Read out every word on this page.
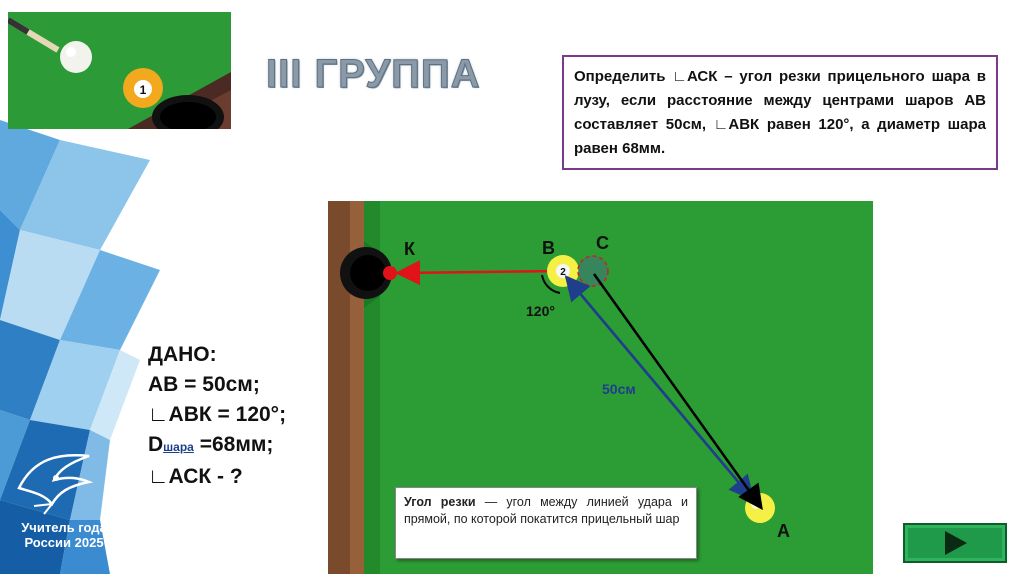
Учитель года
России 2025
1	III ГРУППА	Определить ∟АСК – угол резки прицельного шара в лузу, если расстояние между центрами шаров АВ составляет 50см, ∟АВК равен 120°, а диаметр шара равен 68мм.
2
К	В С
А
120°
50см
ДАНО:
АВ = 50см;
∟АВК = 120°;
Dшара =68мм;
∟АСК - ?
Угол резки — угол между линией удара и прямой, по которой покатится прицельный шар
